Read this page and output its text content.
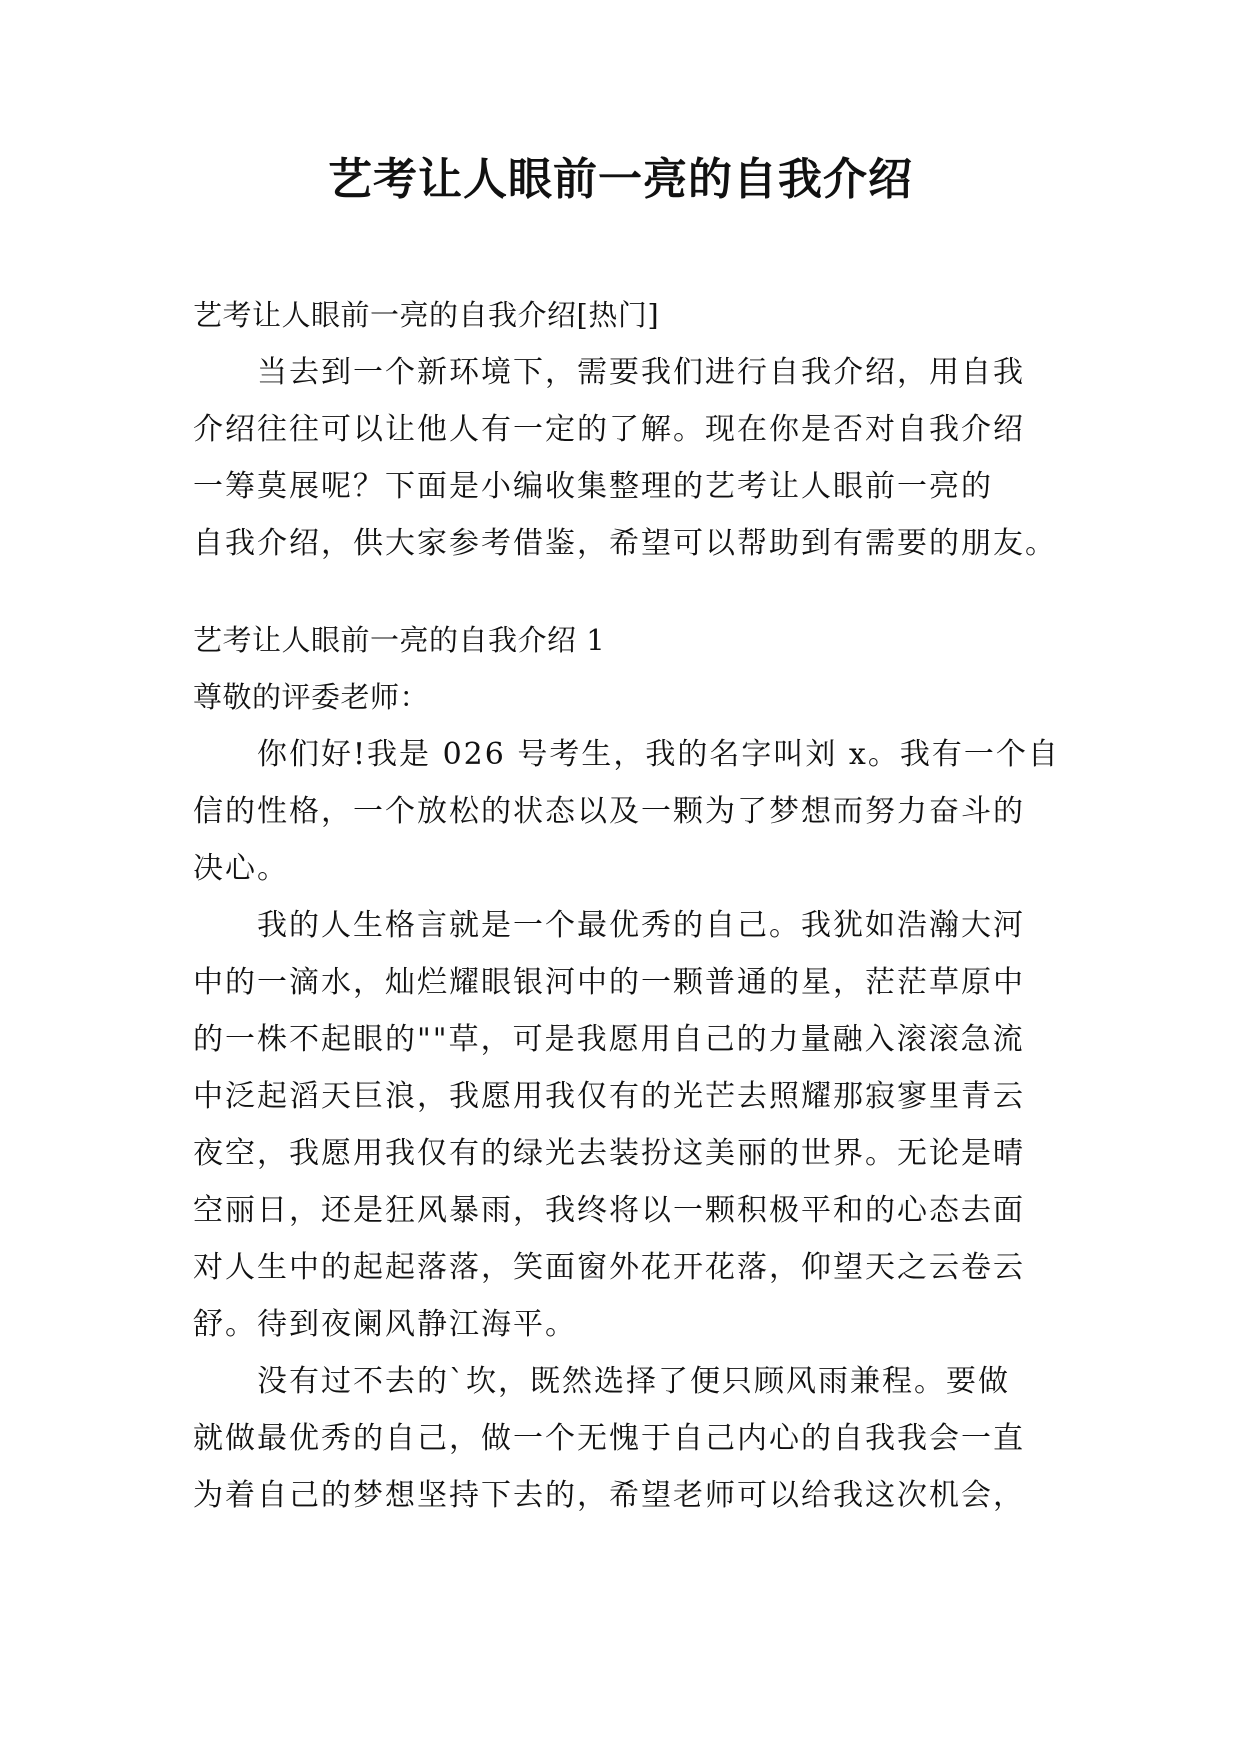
艺考让人眼前一亮的自我介绍

艺考让人眼前一亮的自我介绍[热门]

　　当去到一个新环境下，需要我们进行自我介绍，用自我

介绍往往可以让他人有一定的了解。现在你是否对自我介绍

一筹莫展呢？下面是小编收集整理的艺考让人眼前一亮的

自我介绍，供大家参考借鉴，希望可以帮助到有需要的朋友。

艺考让人眼前一亮的自我介绍 1

尊敬的评委老师：

　　你们好!我是 026 号考生，我的名字叫刘 x。我有一个自

信的性格，一个放松的状态以及一颗为了梦想而努力奋斗的

决心。

　　我的人生格言就是一个最优秀的自己。我犹如浩瀚大河

中的一滴水，灿烂耀眼银河中的一颗普通的星，茫茫草原中

的一株不起眼的""草，可是我愿用自己的力量融入滚滚急流

中泛起滔天巨浪，我愿用我仅有的光芒去照耀那寂寥里青云

夜空，我愿用我仅有的绿光去装扮这美丽的世界。无论是晴

空丽日，还是狂风暴雨，我终将以一颗积极平和的心态去面

对人生中的起起落落，笑面窗外花开花落，仰望天之云卷云

舒。待到夜阑风静江海平。

　　没有过不去的`坎，既然选择了便只顾风雨兼程。要做

就做最优秀的自己，做一个无愧于自己内心的自我我会一直

为着自己的梦想坚持下去的，希望老师可以给我这次机会，
